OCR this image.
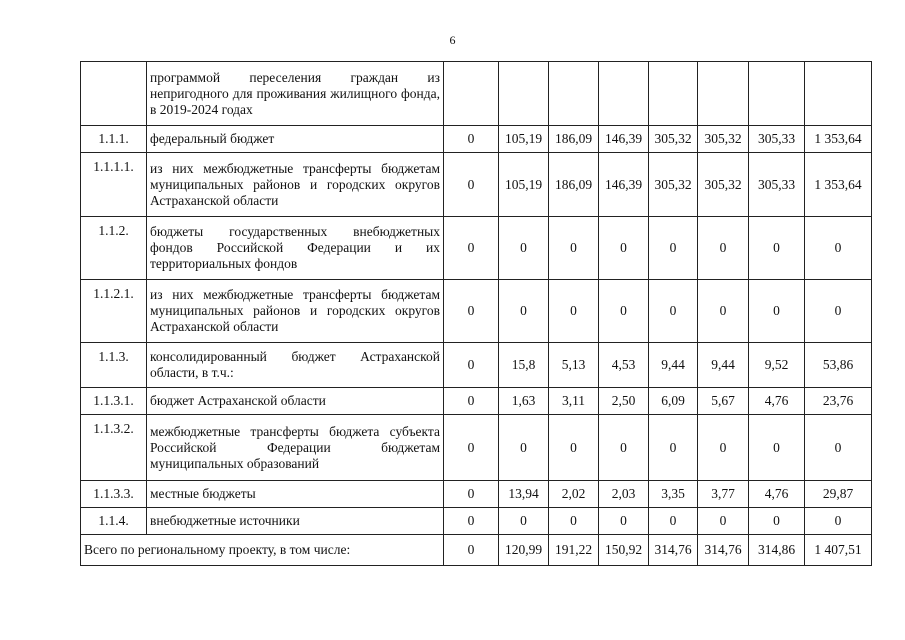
6
	программой переселения граждан из непригодного для проживания жилищного фонда, в 2019-2024 годах								
1.1.1.	федеральный бюджет	0	105,19	186,09	146,39	305,32	305,32	305,33	1 353,64
1.1.1.1.	из них межбюджетные трансферты бюджетам муниципальных районов и городских округов Астраханской области	0	105,19	186,09	146,39	305,32	305,32	305,33	1 353,64
1.1.2.	бюджеты государственных внебюджетных фондов Российской Федерации и их территориальных фондов	0	0	0	0	0	0	0	0
1.1.2.1.	из них межбюджетные трансферты бюджетам муниципальных районов и городских округов Астраханской области	0	0	0	0	0	0	0	0
1.1.3.	консолидированный бюджет Астраханской области, в т.ч.:	0	15,8	5,13	4,53	9,44	9,44	9,52	53,86
1.1.3.1.	бюджет Астраханской области	0	1,63	3,11	2,50	6,09	5,67	4,76	23,76
1.1.3.2.	межбюджетные трансферты бюджета субъекта Российской Федерации бюджетам муниципальных образований	0	0	0	0	0	0	0	0
1.1.3.3.	местные бюджеты	0	13,94	2,02	2,03	3,35	3,77	4,76	29,87
1.1.4.	внебюджетные источники	0	0	0	0	0	0	0	0
Всего по региональному проекту, в том числе:		0	120,99	191,22	150,92	314,76	314,76	314,86	1 407,51
